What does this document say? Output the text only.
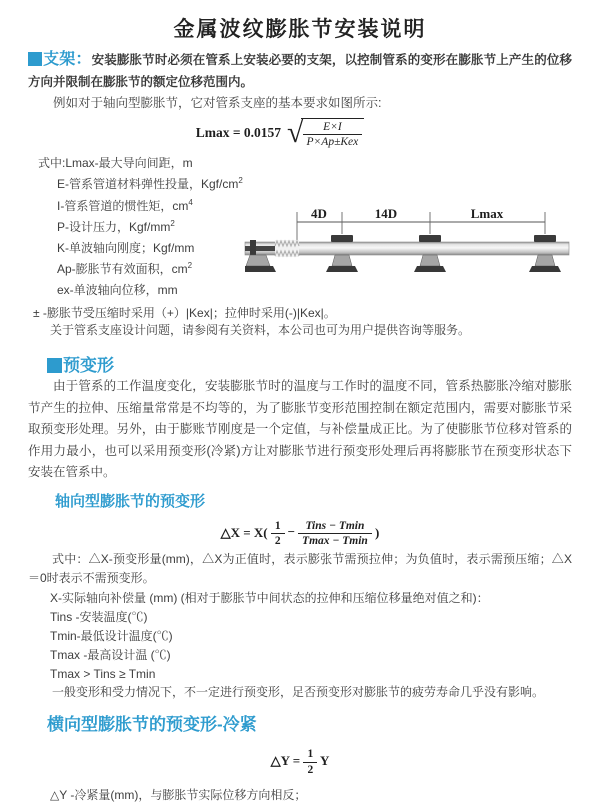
金属波纹膨胀节安装说明

支架：安装膨胀节时必须在管系上安装必要的支架，以控制管系的变形在膨胀节上产生的位移方向并限制在膨胀节的额定位移范围内。

例如对于轴向型膨胀节，它对管系支座的基本要求如图所示:

Lmax = 0.0157 √ $\frac{E\times I}{\text{P×Ap±Kex}}$
式中:Lmax-最大导向间距，m
E-管系管道材料弹性投量，Kgf/$cm^2$
I-管系管道的惯性矩，$cm^4$
P-设计压力，Kgf/$mm^2$
K-单波轴向刚度；Kgf/mm
Ap-膨胀节有效面积，$cm^2$
ex-单波轴向位移，mm
± -膨胀节受压缩时采用（+）|Kex|；拉伸时采用(-)|Kex|。
关于管系支座设计问题，请参阅有关资料，本公司也可为用户提供咨询等服务。
4D	14D	Lmax
预变形

由于管系的工作温度变化，安装膨胀节时的温度与工作时的温度不同，管系热膨胀冷缩对膨胀节产生的拉伸、压缩量常常是不均等的，为了膨胀节变形范围控制在额定范围内，需要对膨胀节采取预变形处理。另外，由于膨账节刚度是一个定值，与补偿量成正比。为了使膨胀节位移对管系的作用力最小，也可以采用预变形(冷紧)方让对膨胀节进行预变形处理后再将膨胀节在预变形状态下安装在管系中。

轴向型膨胀节的预变形
△X = $X( \frac{1}{2} - \frac{\text{Tins − Tmin}}{Tmax - Tmin}$ )

式中：△X-预变形量(mm)，△X为正值时，表示膨张节需预拉伸；为负值时，表示需预压缩；△X＝0时表示不需预变形。

X-实际轴向补偿量 (mm) (相对于膨胀节中间状态的拉伸和压缩位移量绝对值之和)：
Tins -安装温度(℃)
Tmin-最低设计温度(℃)
Tmax -最高设计温 (℃)
Tmax > Tins ≥ Tmin

一般变形和受力情况下，不一定进行预变形，足否预变形对膨胀节的疲劳寿命几乎没有影响。

横向型膨胀节的预变形-冷紧
△Y = $\frac{1}{2}$ Y
△Y -冷紧量(mm)，与膨胀节实际位移方向相反；
